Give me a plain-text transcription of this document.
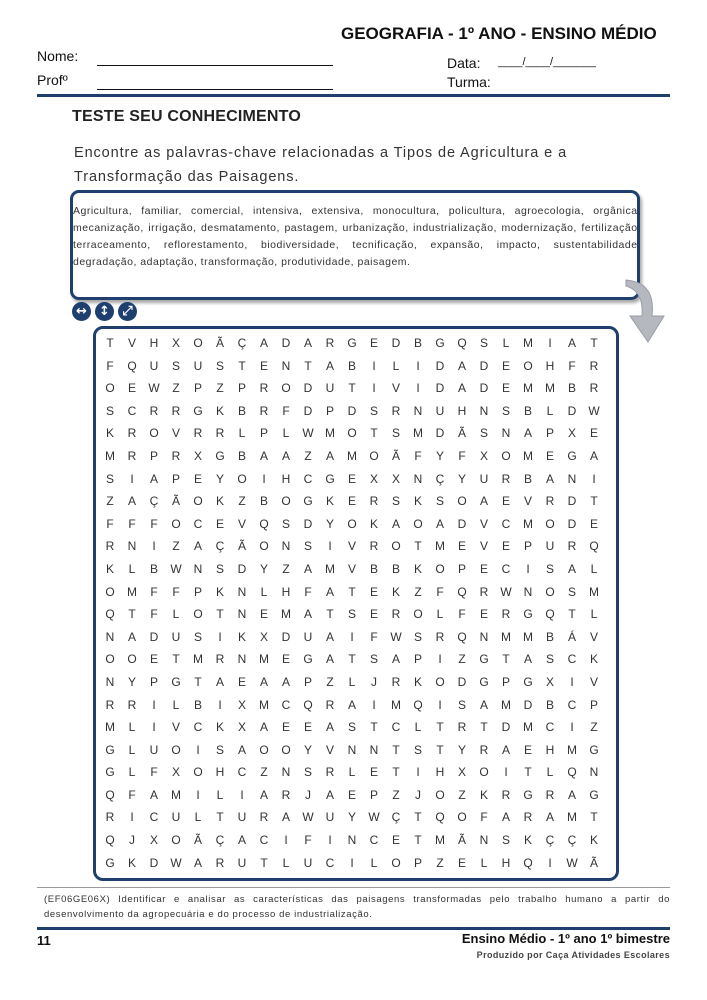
GEOGRAFIA - 1º ANO - ENSINO MÉDIO
Nome:
Profº
Data: ____/____/_______
Turma:
TESTE SEU CONHECIMENTO
Encontre as palavras-chave relacionadas a Tipos de Agricultura e a Transformação das Paisagens.
Agricultura, familiar, comercial, intensiva, extensiva, monocultura, policultura, agroecologia, orgânica, mecanização, irrigação, desmatamento, pastagem, urbanização, industrialização, modernização, fertilização, terraceamento, reflorestamento, biodiversidade, tecnificação, expansão, impacto, sustentabilidade, degradação, adaptação, transformação, produtividade, paisagem.
↔ ↕ ⤢
T	V	H	X	O	Ã	Ç	A	D	A	R	G	E	D	B	G	Q	S	L	M	I	A	T
F	Q	U	S	U	S	T	E	N	T	A	B	I	L	I	D	A	D	E	O	H	F	R
O	E	W	Z	P	Z	P	R	O	D	U	T	I	V	I	D	A	D	E	M	M	B	R
S	C	R	R	G	K	B	R	F	D	P	D	S	R	N	U	H	N	S	B	L	D	W
K	R	O	V	R	R	L	P	L	W M	O	T	S	M	D	Ã	S	N	A	P	X	E
M	R	P	R	X	G	B	A	A	Z	A	M	O	Ã	F	Y	F	X	O	M	E	G	A
S	I	A	P	E	Y	O	I	H	C	G	E	X	X	N	Ç	Y	U	R	B	A	N	I
Z	A	Ç	Ã	O	K	Z	B	O	G	K	E	R	S	K	S	O	A	E	V	R	D	T
F	F	F	O	C	E	V	Q	S	D	Y	O	K	A	O	A	D	V	C	M	O	D	E
R	N	I	Z	A	Ç	Ã	O	N	S	I	V	R	O	T	M	E	V	E	P	U	R	Q
K	L	B	W	N	S	D	Y	Z	A	M	V	B	B	K	O	P	E	C	I	S	A	L
O	M	F	F	P	K	N	L	H	F	A	T	E	K	Z	F	Q	R	W	N	O	S	M
Q	T	F	L	O	T	N	E	M	A	T	S	E	R	O	L	F	E	R	G	Q	T	L
N	A	D	U	S	I	K	X	D	U	A	I	F	W	S	R	Q	N	M	M	B	Á	V
O	O	E	T	M	R	N	M	E	G	A	T	S	A	P	I	Z	G	T	A	S	C	K
N	Y	P	G	T	A	E	A	A	P	Z	L	J	R	K	O	D	G	P	G	X	I	V
R	R	I	L	B	I	X	M	C	Q	R	A	I	M	Q	I	S	A	M	D	B	C	P
M	L	I	V	C	K	X	A	E	E	A	S	T	C	L	T	R	T	D	M	C	I	Z
G	L	U	O	I	S	A	O	O	Y	V	N	N	T	S	T	Y	R	A	E	H	M	G
G	L	F	X	O	H	C	Z	N	S	R	L	E	T	I	H	X	O	I	T	L	Q	N
Q	F	A	M	I	L	I	A	R	J	A	E	P	Z	J	O	Z	K	R	G	R	A	G
R	I	C	U	L	T	U	R	A	W	U	Y	W	Ç	T	Q	O	F	A	R	A	M	T
Q	J	X	O	Ã	Ç	A	C	I	F	I	N	C	E	T	M	Ã	N	S	K	Ç	Ç	K
G	K	D	W	A	R	U	T	L	U	C	I	L	O	P	Z	E	L	H	Q	I	W	Ã
(EF06GE06X) Identificar e analisar as características das paisagens transformadas pelo trabalho humano a partir do desenvolvimento da agropecuária e do processo de industrialização.
11	Ensino Médio - 1º ano 1º bimestre
Produzido por Caça Atividades Escolares
